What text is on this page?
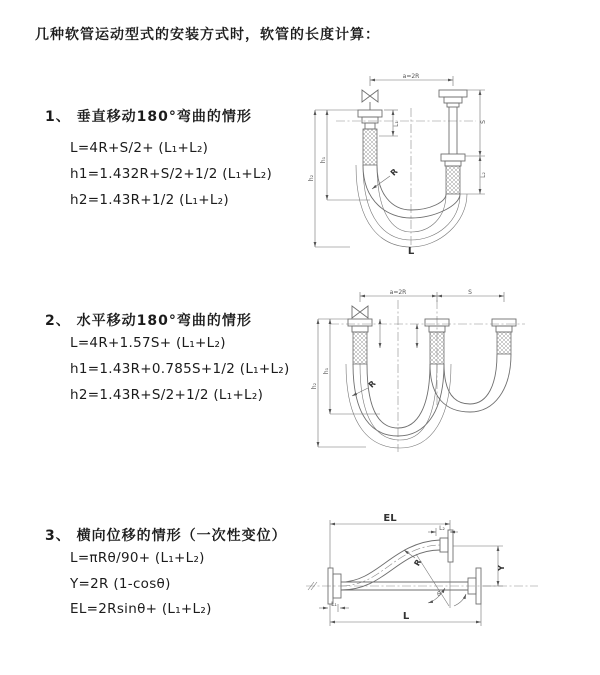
几种软管运动型式的安装方式时，软管的长度计算：
1、 垂直移动180°弯曲的情形
L=4R+S/2+ (L₁+L₂)
h1=1.432R+S/2+1/2 (L₁+L₂)
h2=1.43R+1/2 (L₁+L₂)
2、 水平移动180°弯曲的情形
L=4R+1.57S+ (L₁+L₂)
h1=1.43R+0.785S+1/2 (L₁+L₂)
h2=1.43R+S/2+1/2 (L₁+L₂)
3、 横向位移的情形（一次性变位）
L=πRθ/90+ (L₁+L₂)
Y=2R (1-cosθ)
EL=2Rsinθ+ (L₁+L₂)
a=2R
h₁
h₂
L₁	S
L₂
R
L
a=2R	S
h₁
h₂	R
EL
L₂
Y
L
L₁
R
θ
